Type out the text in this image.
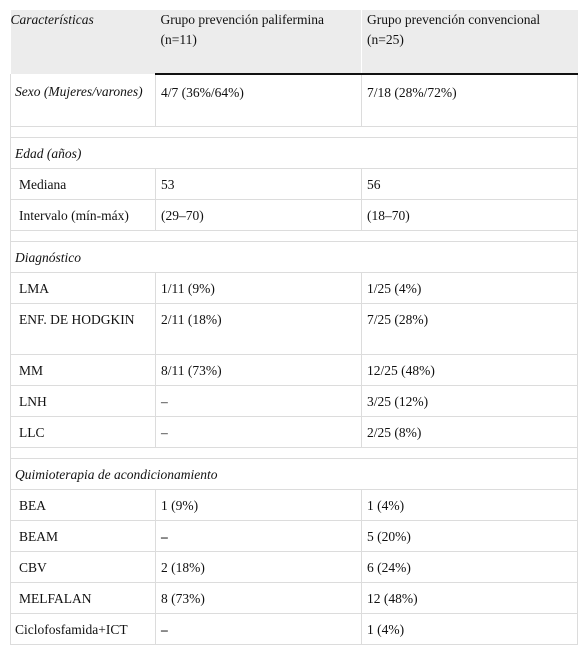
Características	Grupo prevención palifermina (n=11)	Grupo prevención convencional (n=25)
Sexo (Mujeres/varones)	4/7 (36%/64%)	7/18 (28%/72%)

Edad (años)		
Mediana	53	56
Intervalo (mín-máx)	(29–70)	(18–70)

Diagnóstico		
LMA	1/11 (9%)	1/25 (4%)
ENF. DE HODGKIN	2/11 (18%)	7/25 (28%)
MM	8/11 (73%)	12/25 (48%)
LNH	–	3/25 (12%)
LLC	–	2/25 (8%)

Quimioterapia de acondicionamiento		
BEA	1 (9%)	1 (4%)
BEAM	–	5 (20%)
CBV	2 (18%)	6 (24%)
MELFALAN	8 (73%)	12 (48%)
Ciclofosfamida+ICT	–	1 (4%)
